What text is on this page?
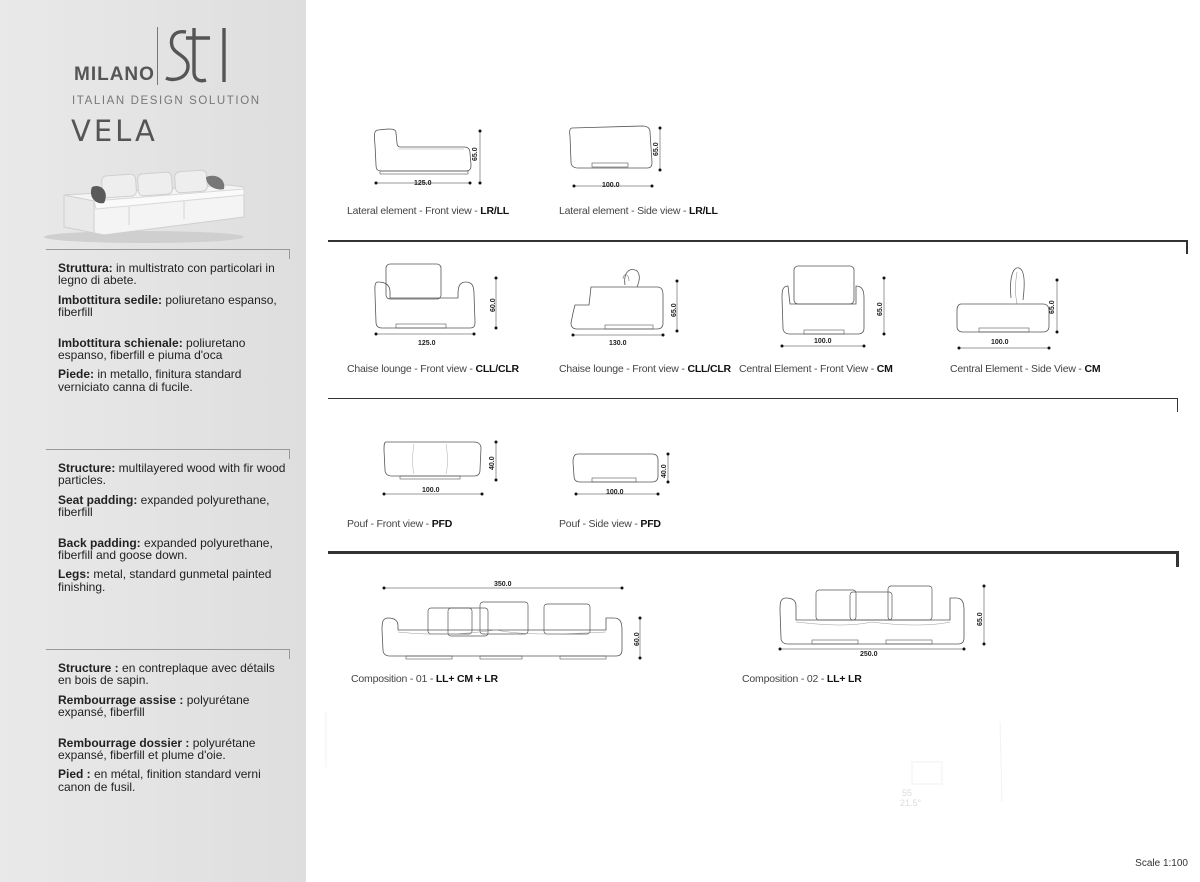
MILANO
ITALIAN DESIGN SOLUTION
VELA

Struttura: in multistrato con particolari in legno di abete.

Imbottitura sedile: poliuretano espanso, fiberfill

Imbottitura schienale: poliuretano espanso, fiberfill e piuma d'oca

Piede: in metallo, finitura standard verniciato canna di fucile.

Structure: multilayered wood with fir wood particles.

Seat padding: expanded polyurethane, fiberfill

Back padding: expanded polyurethane, fiberfill and goose down.

Legs: metal, standard gunmetal painted finishing.

Structure : en contreplaque avec détails en bois de sapin.

Rembourrage assise : polyurétane expansé, fiberfill

Rembourrage dossier : polyurétane expansé, fiberfill et plume d'oie.

Pied : en métal, finition standard verni canon de fusil.

125.0
65.0
Lateral element - Front view - LR/LL
100.0
65.0
Lateral element - Side view - LR/LL
125.0
60.0
Chaise lounge - Front view - CLL/CLR
130.0
65.0
Chaise lounge - Front view - CLL/CLR
100.0
65.0
Central Element - Front View - CM
100.0
65.0
Central Element - Side View - CM
100.0
40.0
Pouf - Front view - PFD
100.0
40.0
Pouf - Side view - PFD
350.0
60.0
Composition - 01 - LL+ CM + LR
250.0
65.0
Composition - 02 - LL+ LR
55
21.5°
Scale 1:100
